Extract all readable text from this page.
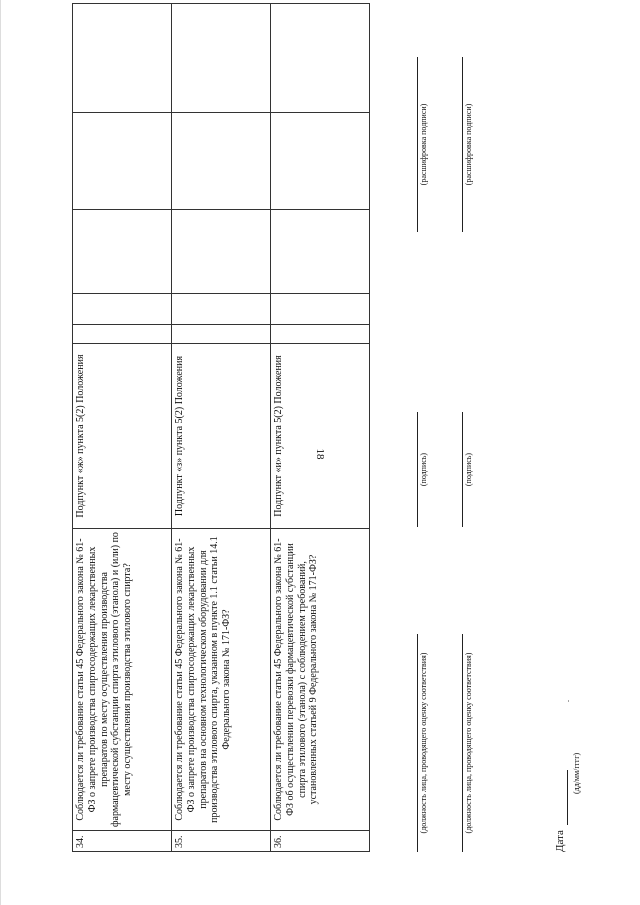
18
34.	Соблюдается ли требование статьи 45 Федерального закона № 61-ФЗ о запрете производства спиртосодержащих лекарственных препаратов по месту осуществления производства фармацевтической субстанции спирта этилового (этанола) и (или) по месту осуществления производства этилового спирта?	Подпункт «ж» пункта 5(2) Положения					
35.	Соблюдается ли требование статьи 45 Федерального закона № 61-ФЗ о запрете производства спиртосодержащих лекарственных препаратов на основном технологическом оборудовании для производства этилового спирта, указанном в пункте 1.1 статьи 14.1 Федерального закона № 171-ФЗ?	Подпункт «з» пункта 5(2) Положения					
36.	Соблюдается ли требование статьи 45 Федерального закона № 61-ФЗ об осуществлении перевозки фармацевтической субстанции спирта этилового (этанола) с соблюдением требований, установленных статьей 9 Федерального закона № 171-ФЗ?	Подпункт «и» пункта 5(2) Положения					
(должность лица, проводящего оценку соответствия)
(подпись)
(расшифровка подписи)
(должность лица, проводящего оценку соответствия)
(подпись)
(расшифровка подписи)
Дата
(дд/мм/гггг)
.
